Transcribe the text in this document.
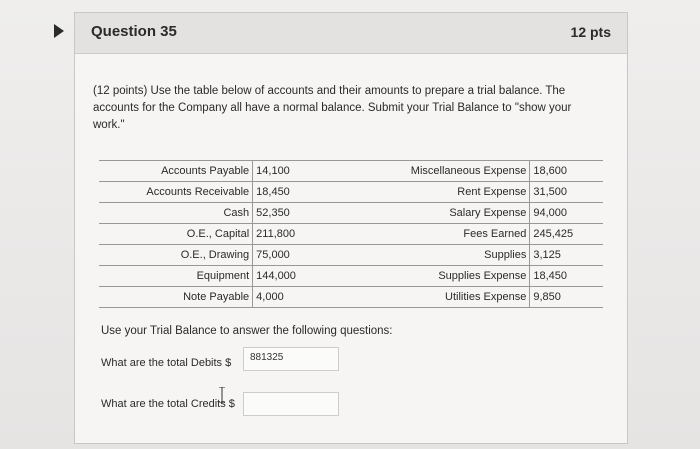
Question 35	12 pts
(12 points) Use the table below of accounts and their amounts to prepare a trial balance. The accounts for the Company all have a normal balance. Submit your Trial Balance to "show your work."
Accounts Payable	14,100		Miscellaneous Expense	18,600
Accounts Receivable	18,450		Rent Expense	31,500
Cash	52,350		Salary Expense	94,000
O.E., Capital	211,800		Fees Earned	245,425
O.E., Drawing	75,000		Supplies	3,125
Equipment	144,000		Supplies Expense	18,450
Note Payable	4,000		Utilities Expense	9,850
Use your Trial Balance to answer the following questions:
What are the total Debits $	881325
What are the total Credits $
